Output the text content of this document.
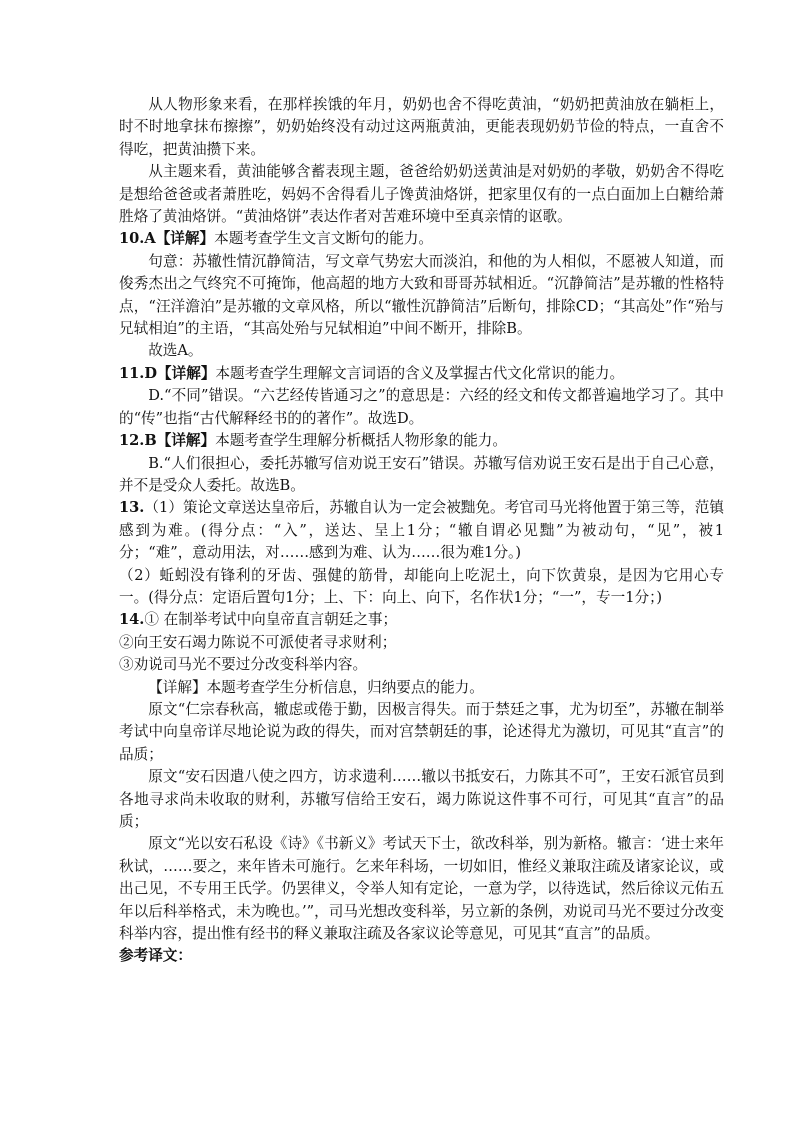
从人物形象来看，在那样挨饿的年月，奶奶也舍不得吃黄油，“奶奶把黄油放在躺柜上，时不时地拿抹布擦擦”，奶奶始终没有动过这两瓶黄油，更能表现奶奶节俭的特点，一直舍不得吃，把黄油攒下来。

从主题来看，黄油能够含蓄表现主题，爸爸给奶奶送黄油是对奶奶的孝敬，奶奶舍不得吃是想给爸爸或者萧胜吃，妈妈不舍得看儿子馋黄油烙饼，把家里仅有的一点白面加上白糖给萧胜烙了黄油烙饼。“黄油烙饼”表达作者对苦难环境中至真亲情的讴歌。

10.A【详解】本题考查学生文言文断句的能力。

句意：苏辙性情沉静简洁，写文章气势宏大而淡泊，和他的为人相似，不愿被人知道，而俊秀杰出之气终究不可掩饰，他高超的地方大致和哥哥苏轼相近。“沉静简洁”是苏辙的性格特点，“汪洋澹泊”是苏辙的文章风格，所以“辙性沉静简洁”后断句，排除CD；“其高处”作“殆与兄轼相迫”的主语，“其高处殆与兄轼相迫”中间不断开，排除B。

故选A。

11.D【详解】本题考查学生理解文言词语的含义及掌握古代文化常识的能力。

D.“不同”错误。“六艺经传皆通习之”的意思是：六经的经文和传文都普遍地学习了。其中的“传”也指“古代解释经书的的著作”。故选D。

12.B【详解】本题考查学生理解分析概括人物形象的能力。

B.“人们很担心，委托苏辙写信劝说王安石”错误。苏辙写信劝说王安石是出于自己心意，并不是受众人委托。故选B。

13.（1）策论文章送达皇帝后，苏辙自认为一定会被黜免。考官司马光将他置于第三等，范镇感到为难。(得分点：“入”，送达、呈上1分；“辙自谓必见黜”为被动句，“见”，被1分；“难”，意动用法，对……感到为难、认为……很为难1分。)

（2）蚯蚓没有锋利的牙齿、强健的筋骨，却能向上吃泥土，向下饮黄泉，是因为它用心专一。(得分点：定语后置句1分；上、下：向上、向下，名作状1分；“一”，专一1分；)

14.① 在制举考试中向皇帝直言朝廷之事；

②向王安石竭力陈说不可派使者寻求财利；

③劝说司马光不要过分改变科举内容。

【详解】本题考查学生分析信息，归纳要点的能力。

原文“仁宗春秋高，辙虑或倦于勤，因极言得失。而于禁廷之事，尤为切至”，苏辙在制举考试中向皇帝详尽地论说为政的得失，而对宫禁朝廷的事，论述得尤为激切，可见其“直言”的品质；

原文“安石因遣八使之四方，访求遗利……辙以书抵安石，力陈其不可”，王安石派官员到各地寻求尚未收取的财利，苏辙写信给王安石，竭力陈说这件事不可行，可见其“直言”的品质；

原文“光以安石私设《诗》《书新义》考试天下士，欲改科举，别为新格。辙言：‘进士来年秋试，……要之，来年皆未可施行。乞来年科场，一切如旧，惟经义兼取注疏及诸家论议，或出己见，不专用王氏学。仍罢律义，令举人知有定论，一意为学，以待选试，然后徐议元佑五年以后科举格式，未为晚也。’”，司马光想改变科举，另立新的条例，劝说司马光不要过分改变科举内容，提出惟有经书的释义兼取注疏及各家议论等意见，可见其“直言”的品质。

参考译文：
